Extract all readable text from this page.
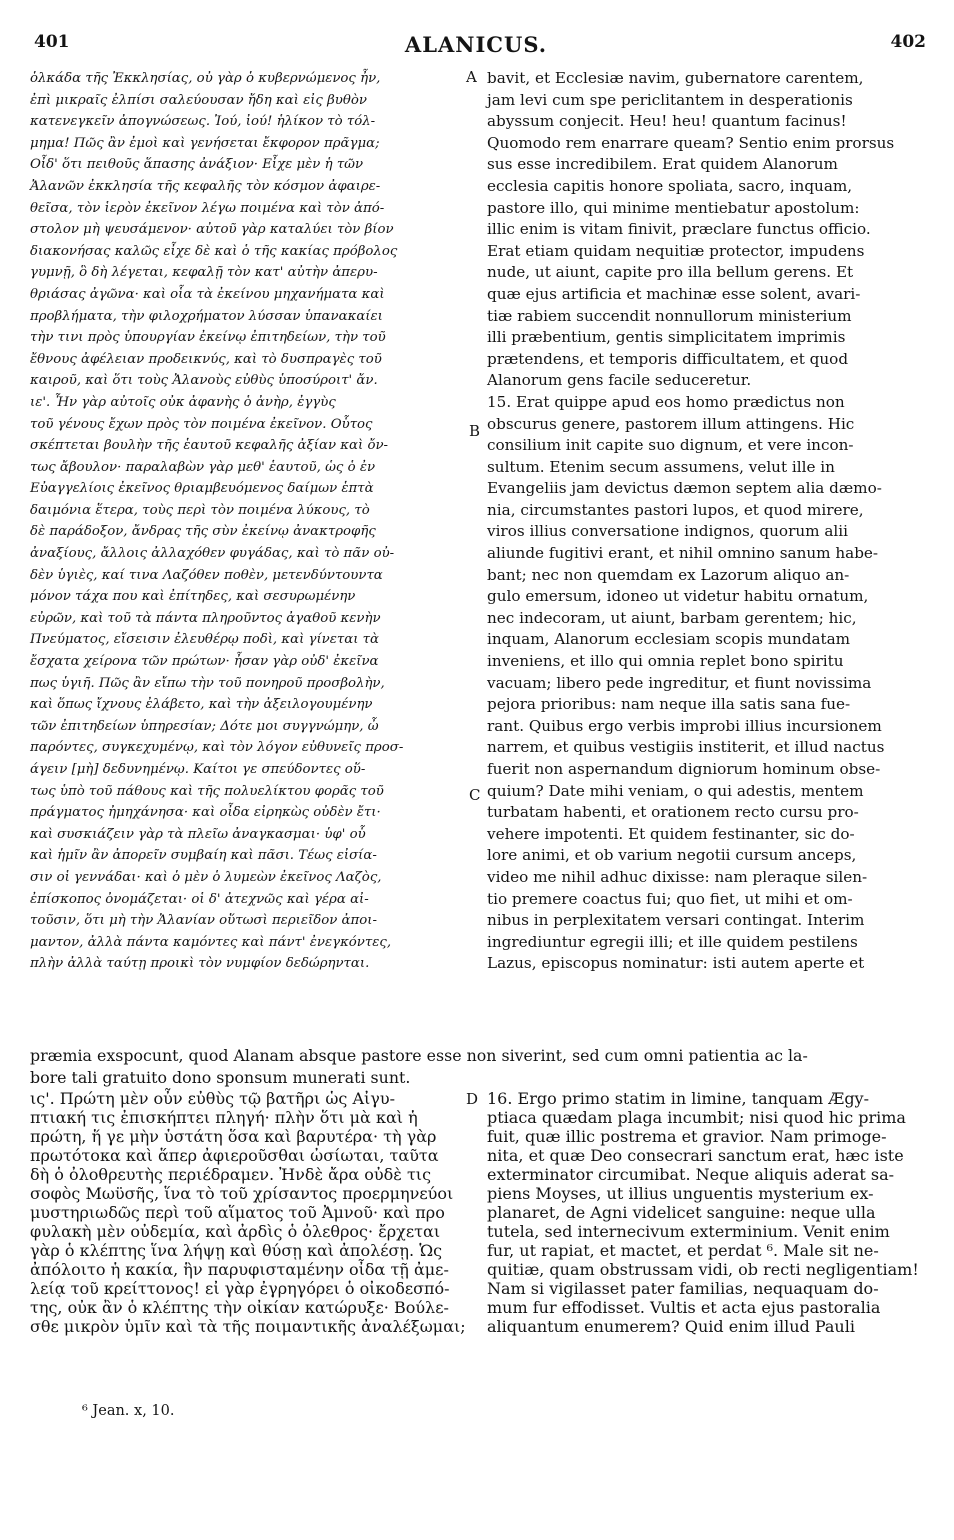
401	ALANICUS.	402
ὁλκάδα τῆς Ἐκκλησίας, οὐ γὰρ ὁ κυβερνώμενος ἦν,
ἐπὶ μικραῖς ἐλπίσι σαλεύουσαν ἤδη καὶ εἰς βυθὸν
κατενεγκεῖν ἀπογνώσεως. Ἰού, ἰού! ἡλίκον τὸ τόλ-
μημα! Πῶς ἂν ἐμοὶ καὶ γενήσεται ἔκφορον πρᾶγμα;
Οἶδ' ὅτι πειθοῦς ἅπασης ἀνάξιον· Εἶχε μὲν ἡ τῶν
Ἀλανῶν ἐκκλησία τῆς κεφαλῆς τὸν κόσμον ἀφαιρε-
θεῖσα, τὸν ἱερὸν ἐκεῖνον λέγω ποιμένα καὶ τὸν ἀπό-
στολον μὴ ψευσάμενον· αὐτοῦ γὰρ καταλύει τὸν βίον
διακονήσας καλῶς εἶχε δὲ καὶ ὁ τῆς κακίας πρόβολος
γυμνῇ, ὃ δὴ λέγεται, κεφαλῇ τὸν κατ' αὐτὴν ἀπερυ-
θριάσας ἀγῶνα· καὶ οἷα τὰ ἐκείνου μηχανήματα καὶ
προβλήματα, τὴν φιλοχρήματον λύσσαν ὑπανακαίει
τὴν τινι πρὸς ὑπουργίαν ἐκείνῳ ἐπιτηδείων, τὴν τοῦ
ἔθνους ἀφέλειαν προδεικνύς, καὶ τὸ δυσπραγὲς τοῦ
καιροῦ, καὶ ὅτι τοὺς Ἀλανοὺς εὐθὺς ὑποσύροιτ' ἄν.
ιε'. Ἦν γὰρ αὐτοῖς οὐκ ἀφανὴς ὁ ἀνὴρ, ἐγγὺς
τοῦ γένους ἔχων πρὸς τὸν ποιμένα ἐκεῖνον. Οὗτος
σκέπτεται βουλὴν τῆς ἑαυτοῦ κεφαλῆς ἀξίαν καὶ ὄν-
τως ἄβουλον· παραλαβὼν γὰρ μεθ' ἑαυτοῦ, ὡς ὁ ἐν
Εὐαγγελίοις ἐκεῖνος θριαμβευόμενος δαίμων ἑπτὰ
δαιμόνια ἕτερα, τοὺς περὶ τὸν ποιμένα λύκους, τὸ
δὲ παράδοξον, ἄνδρας τῆς σὺν ἐκείνῳ ἀνακτροφῆς
ἀναξίους, ἄλλοις ἀλλαχόθεν φυγάδας, καὶ τὸ πᾶν οὐ-
δὲν ὑγιὲς, καί τινα Λαζόθεν ποθὲν, μετενδύντουντα
μόνον τάχα που καὶ ἐπίτηδες, καὶ σεσυρωμένην
εὐρῶν, καὶ τοῦ τὰ πάντα πληροῦντος ἀγαθοῦ κενὴν
Πνεύματος, εἴσεισιν ἐλευθέρῳ ποδὶ, καὶ γίνεται τὰ
ἔσχατα χείρονα τῶν πρώτων· ἦσαν γὰρ οὐδ' ἐκεῖνα
πως ὑγιῆ. Πῶς ἂν εἴπω τὴν τοῦ πονηροῦ προσβολὴν,
καὶ ὅπως ἴχνους ἐλάβετο, καὶ τὴν ἀξειλογουμένην
τῶν ἐπιτηδείων ὑπηρεσίαν; Δότε μοι συγγνώμην, ὦ
παρόντες, συγκεχυμένῳ, καὶ τὸν λόγον εὐθυνεῖς προσ-
άγειν [μὴ] δεδυνημένῳ. Καίτοι γε σπεύδοντες οὕ-
τως ὑπὸ τοῦ πάθους καὶ τῆς πολυελίκτου φορᾶς τοῦ
πράγματος ἠμηχάνησα· καὶ οἶδα εἰρηκὼς οὐδὲν ἔτι·
καὶ συσκιάζειν γὰρ τὰ πλεῖω ἀναγκασμαι· ὑφ' οὗ
καὶ ἡμῖν ἂν ἀπορεῖν συμβαίη καὶ πᾶσι. Τέως εἰσία-
σιν οἱ γεννάδαι· καὶ ὁ μὲν ὁ λυμεὼν ἐκεῖνος Λαζὸς,
ἐπίσκοπος ὀνομάζεται· οἱ δ' ἀτεχνῶς καὶ γέρα αἰ-
τοῦσιν, ὅτι μὴ τὴν Ἀλανίαν οὕτωσὶ περιεῖδον ἀποι-
μαντον, ἀλλὰ πάντα καμόντες καὶ πάντ' ἐνεγκόντες,
πλὴν ἀλλὰ ταύτῃ προικὶ τὸν νυμφίον δεδώρηνται.
bavit, et Ecclesiæ navim, gubernatore carentem,
jam levi cum spe periclitantem in desperationis
abyssum conjecit. Heu! heu! quantum facinus!
Quomodo rem enarrare queam? Sentio enim prorsus
sus esse incredibilem. Erat quidem Alanorum
ecclesia capitis honore spoliata, sacro, inquam,
pastore illo, qui minime mentiebatur apostolum:
illic enim is vitam finivit, præclare functus officio.
Erat etiam quidam nequitiæ protector, impudens
nude, ut aiunt, capite pro illa bellum gerens. Et
quæ ejus artificia et machinæ esse solent, avari-
tiæ rabiem succendit nonnullorum ministerium
illi præbentium, gentis simplicitatem imprimis
prætendens, et temporis difficultatem, et quod
Alanorum gens facile seduceretur.
15. Erat quippe apud eos homo prædictus non
obscurus genere, pastorem illum attingens. Hic
consilium init capite suo dignum, et vere incon-
sultum. Etenim secum assumens, velut ille in
Evangeliis jam devictus dæmon septem alia dæmo-
nia, circumstantes pastori lupos, et quod mirere,
viros illius conversatione indignos, quorum alii
aliunde fugitivi erant, et nihil omnino sanum habe-
bant; nec non quemdam ex Lazorum aliquo an-
gulo emersum, idoneo ut videtur habitu ornatum,
nec indecoram, ut aiunt, barbam gerentem; hic,
inquam, Alanorum ecclesiam scopis mundatam
inveniens, et illo qui omnia replet bono spiritu
vacuam; libero pede ingreditur, et fiunt novissima
pejora prioribus: nam neque illa satis sana fue-
rant. Quibus ergo verbis improbi illius incursionem
narrem, et quibus vestigiis institerit, et illud nactus
fuerit non aspernandum digniorum hominum obse-
quium? Date mihi veniam, o qui adestis, mentem
turbatam habenti, et orationem recto cursu pro-
vehere impotenti. Et quidem festinanter, sic do-
lore animi, et ob varium negotii cursum anceps,
video me nihil adhuc dixisse: nam pleraque silen-
tio premere coactus fui; quo fiet, ut mihi et om-
nibus in perplexitatem versari contingat. Interim
ingrediuntur egregii illi; et ille quidem pestilens
Lazus, episcopus nominatur: isti autem aperte et
præmia exspocunt, quod Alanam absque pastore esse non siverint, sed cum omni patientia ac la-
bore tali gratuito dono sponsum munerati sunt.
ις'. Πρώτη μὲν οὖν εὐθὺς τῷ βατῆρι ὡς Αἰγυ-
πτιακή τις ἐπισκήπτει πληγή· πλὴν ὅτι μὰ καὶ ἡ
πρώτη, ἥ γε μὴν ὑστάτη ὅσα καὶ βαρυτέρα· τὴ γὰρ
πρωτότοκα καὶ ἅπερ ἀφιεροῦσθαι ὠσίωται, ταῦτα
δὴ ὁ ὀλοθρευτὴς περιέδραμεν. Ἠνδὲ ἄρα οὐδὲ τις
σοφὸς Μωϋσῆς, ἵνα τὸ τοῦ χρίσαντος προερμηνεύοι
μυστηριωδῶς περὶ τοῦ αἵματος τοῦ Ἀμνοῦ· καὶ προ
φυλακὴ μὲν οὐδεμία, καὶ ἀρδὶς ὁ ὀλεθρος· ἔρχεται
γὰρ ὁ κλέπτης ἵνα λήψῃ καὶ θύσῃ καὶ ἀπολέσῃ. Ὡς
ἀπόλοιτο ἡ κακία, ἣν παρυφισταμένην οἶδα τῇ ἀμε-
λείᾳ τοῦ κρείττονος! εἰ γὰρ ἐγρηγόρει ὁ οἰκοδεσπό-
της, οὐκ ἂν ὁ κλέπτης τὴν οἰκίαν κατώρυξε· Βούλε-
σθε μικρὸν ὑμῖν καὶ τὰ τῆς ποιμαντικῆς ἀναλέξωμαι;
16. Ergo primo statim in limine, tanquam Ægy-
ptiaca quædam plaga incumbit; nisi quod hic prima
fuit, quæ illic postrema et gravior. Nam primoge-
nita, et quæ Deo consecrari sanctum erat, hæc iste
exterminator circumibat. Neque aliquis aderat sa-
piens Moyses, ut illius unguentis mysterium ex-
planaret, de Agni videlicet sanguine: neque ulla
tutela, sed internecivum exterminium. Venit enim
fur, ut rapiat, et mactet, et perdat ⁶. Male sit ne-
quitiæ, quam obstrussam vidi, ob recti negligentiam!
Nam si vigilasset pater familias, nequaquam do-
mum fur effodisset. Vultis et acta ejus pastoralia
aliquantum enumerem? Quid enim illud Pauli
A
B
C
D
⁶ Jean. x, 10.
